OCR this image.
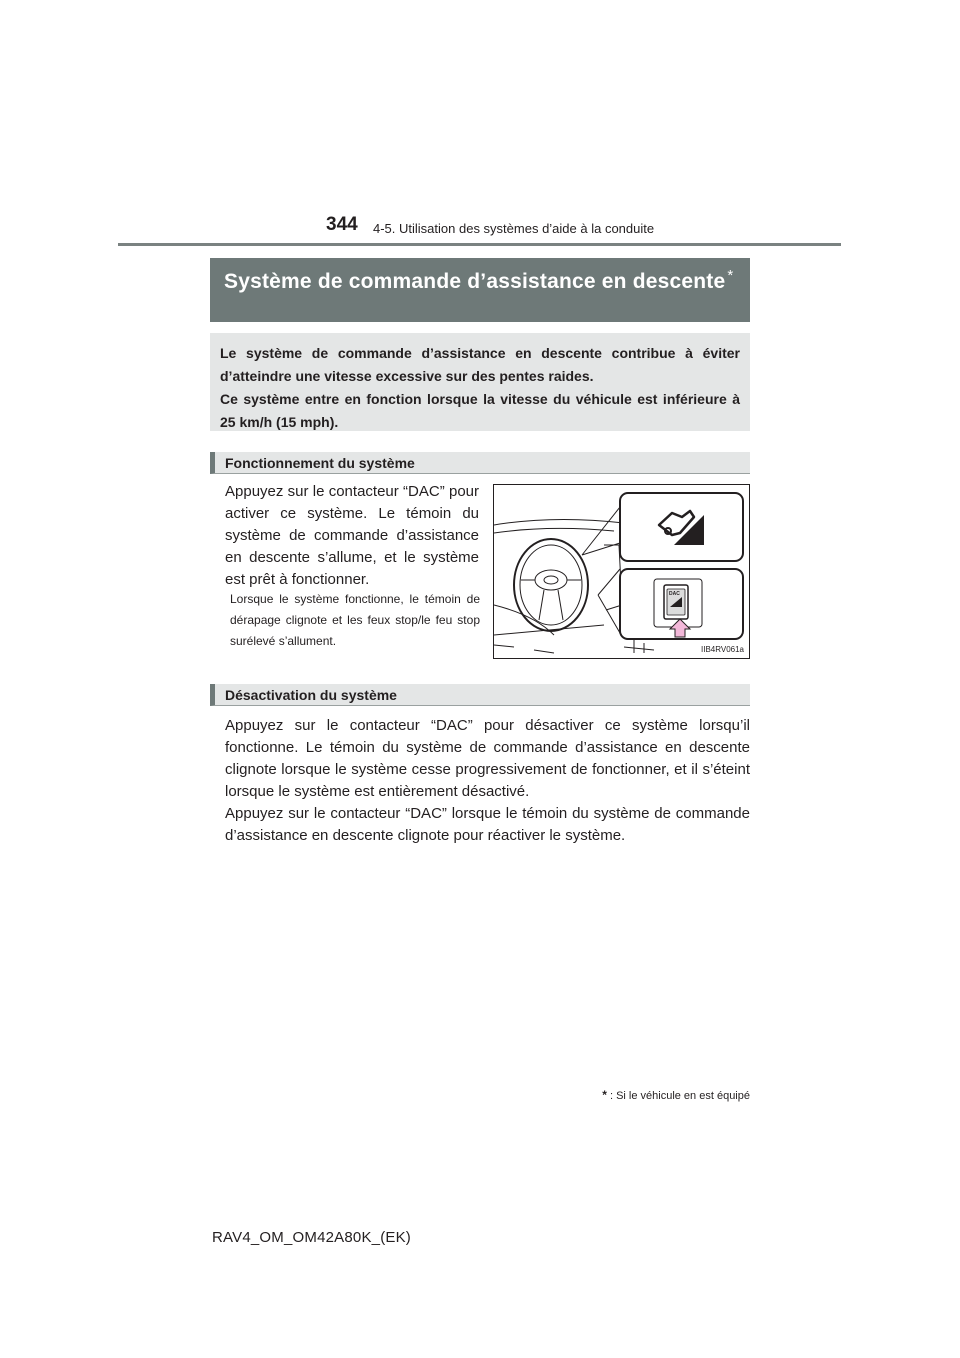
344 4-5. Utilisation des systèmes d’aide à la conduite
Système de commande d’assistance en descente *

Le système de commande d’assistance en descente contribue à éviter d’atteindre une vitesse excessive sur des pentes raides.

Ce système entre en fonction lorsque la vitesse du véhicule est inférieure à 25 km/h (15 mph).

Fonctionnement du système
Appuyez sur le contacteur “DAC” pour activer ce système. Le témoin du système de commande d’assistance en descente s’allume, et le système est prêt à fonctionner.
Lorsque le système fonctionne, le témoin de dérapage clignote et les feux stop/le feu stop surélevé s’allument.
DAC
IIB4RV061a
Désactivation du système

Appuyez sur le contacteur “DAC” pour désactiver ce système lorsqu’il fonctionne. Le témoin du système de commande d’assistance en descente clignote lorsque le système cesse progressivement de fonctionner, et il s’éteint lorsque le système est entièrement désactivé.

Appuyez sur le contacteur “DAC” lorsque le témoin du système de commande d’assistance en descente clignote pour réactiver le système.

* : Si le véhicule en est équipé
RAV4_OM_OM42A80K_(EK)
